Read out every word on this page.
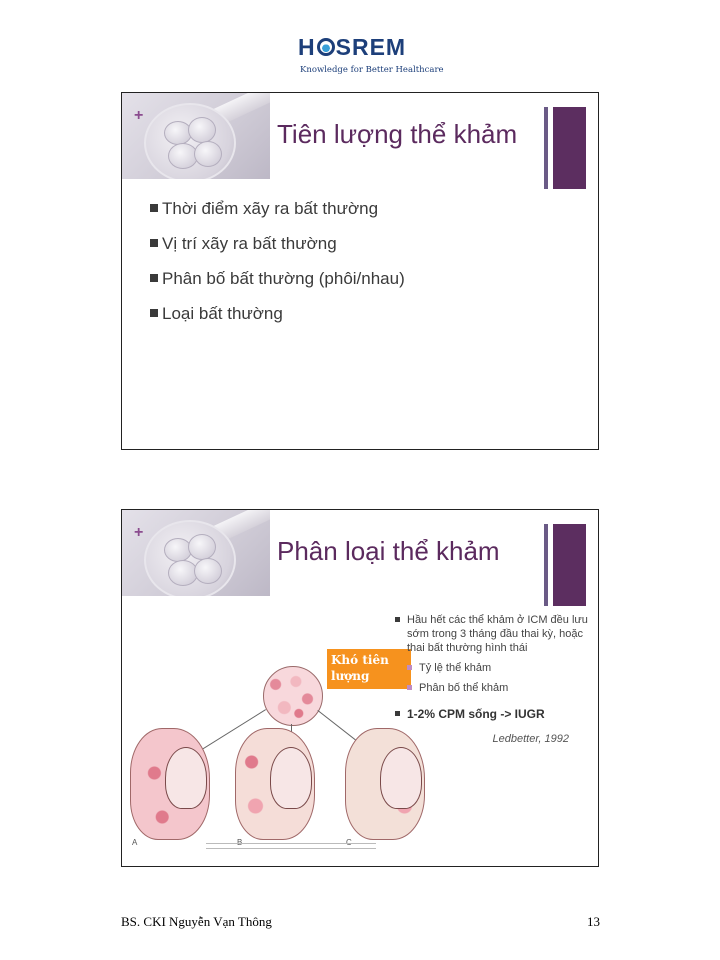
H SREM
Knowledge for Better Healthcare
+
Tiên lượng thể khảm
Thời điểm xãy ra bất thường
Vị trí xãy ra bất thường
Phân bố bất thường (phôi/nhau)
Loại bất thường
+
Phân loại thể khảm
A	B	C
Khó tiên lượng
Hầu hết các thể khảm ở ICM đều lưu sớm trong 3 tháng đầu thai kỳ, hoặc thai bất thường hình thái
Tỷ lệ thể khảm
Phân bố thể khảm
1-2% CPM sống -> IUGR
Ledbetter, 1992
BS. CKI Nguyễn Vạn Thông	13
